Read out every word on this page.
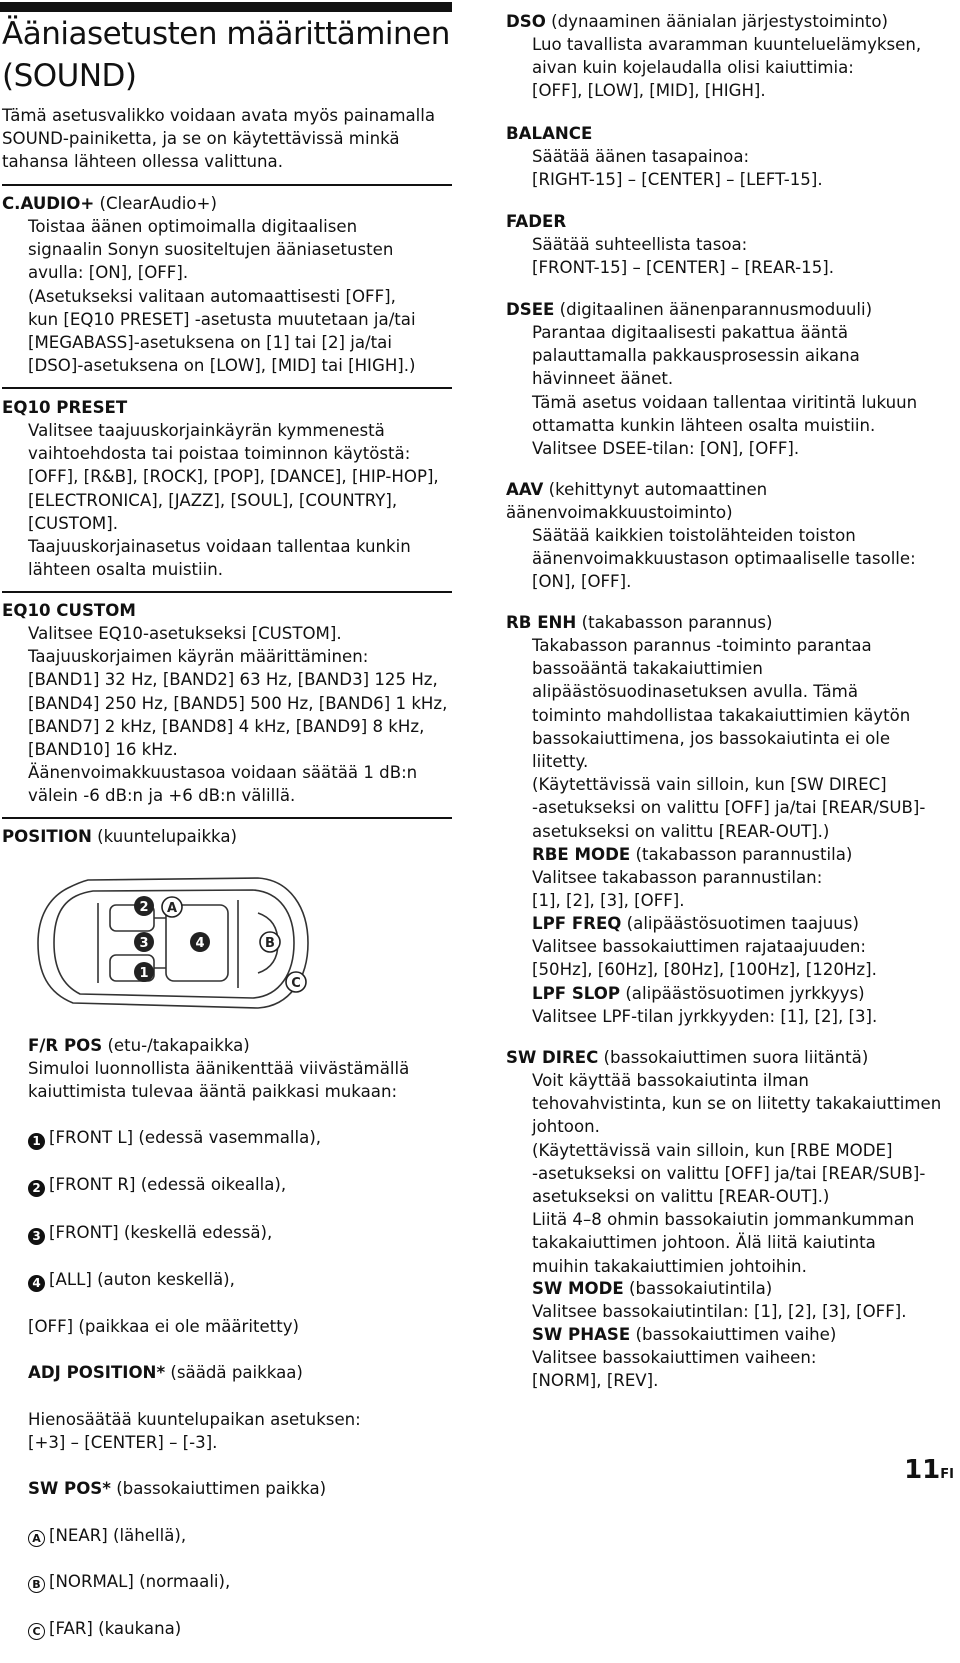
Ääniasetusten määrittäminen
(SOUND)

Tämä asetusvalikko voidaan avata myös painamalla SOUND-painiketta, ja se on käytettävissä minkä tahansa lähteen ollessa valittuna.

C.AUDIO+ (ClearAudio+)

Toistaa äänen optimoimalla digitaalisen
signaalin Sonyn suositeltujen ääniasetusten
avulla: [ON], [OFF].
(Asetukseksi valitaan automaattisesti [OFF],
kun [EQ10 PRESET] -asetusta muutetaan ja/tai
[MEGABASS]-asetuksena on [1] tai [2] ja/tai
[DSO]-asetuksena on [LOW], [MID] tai [HIGH].)

EQ10 PRESET

Valitsee taajuuskorjainkäyrän kymmenestä
vaihtoehdosta tai poistaa toiminnon käytöstä:
[OFF], [R&B], [ROCK], [POP], [DANCE], [HIP-HOP],
[ELECTRONICA], [JAZZ], [SOUL], [COUNTRY],
[CUSTOM].
Taajuuskorjainasetus voidaan tallentaa kunkin
lähteen osalta muistiin.

EQ10 CUSTOM

Valitsee EQ10-asetukseksi [CUSTOM].
Taajuuskorjaimen käyrän määrittäminen:
[BAND1] 32 Hz, [BAND2] 63 Hz, [BAND3] 125 Hz,
[BAND4] 250 Hz, [BAND5] 500 Hz, [BAND6] 1 kHz,
[BAND7] 2 kHz, [BAND8] 4 kHz, [BAND9] 8 kHz,
[BAND10] 16 kHz.
Äänenvoimakkuustasoa voidaan säätää 1 dB:n
välein -6 dB:n ja +6 dB:n välillä.

POSITION (kuuntelupaikka)

2 A
3	4	B
1
C

F/R POS (etu-/takapaikka)

Simuloi luonnollista äänikenttää viivästämällä
kaiuttimista tulevaa ääntä paikkasi mukaan:

1 [FRONT L] (edessä vasemmalla),

2 [FRONT R] (edessä oikealla),

3 [FRONT] (keskellä edessä),

4 [ALL] (auton keskellä),

[OFF] (paikkaa ei ole määritetty)

ADJ POSITION* (säädä paikkaa)

Hienosäätää kuuntelupaikan asetuksen:
[+3] – [CENTER] – [-3].

SW POS* (bassokaiuttimen paikka)

A [NEAR] (lähellä),

B [NORMAL] (normaali),

C [FAR] (kaukana)

DSO (dynaaminen äänialan järjestystoiminto)

Luo tavallista avaramman kuunteluelämyksen,
aivan kuin kojelaudalla olisi kaiuttimia:
[OFF], [LOW], [MID], [HIGH].

BALANCE

Säätää äänen tasapainoa:
[RIGHT-15] – [CENTER] – [LEFT-15].

FADER

Säätää suhteellista tasoa:
[FRONT-15] – [CENTER] – [REAR-15].

DSEE (digitaalinen äänenparannusmoduuli)

Parantaa digitaalisesti pakattua ääntä
palauttamalla pakkausprosessin aikana
hävinneet äänet.
Tämä asetus voidaan tallentaa viritintä lukuun
ottamatta kunkin lähteen osalta muistiin.
Valitsee DSEE-tilan: [ON], [OFF].

AAV (kehittynyt automaattinen
äänenvoimakkuustoiminto)

Säätää kaikkien toistolähteiden toiston
äänenvoimakkuustason optimaaliselle tasolle:
[ON], [OFF].

RB ENH (takabasson parannus)

Takabasson parannus -toiminto parantaa
bassoääntä takakaiuttimien
alipäästösuodinasetuksen avulla. Tämä
toiminto mahdollistaa takakaiuttimien käytön
bassokaiuttimena, jos bassokaiutinta ei ole
liitetty.
(Käytettävissä vain silloin, kun [SW DIREC]
-asetukseksi on valittu [OFF] ja/tai [REAR/SUB]-
asetukseksi on valittu [REAR-OUT].)

RBE MODE (takabasson parannustila)

Valitsee takabasson parannustilan:
[1], [2], [3], [OFF].

LPF FREQ (alipäästösuotimen taajuus)

Valitsee bassokaiuttimen rajataajuuden:
[50Hz], [60Hz], [80Hz], [100Hz], [120Hz].

LPF SLOP (alipäästösuotimen jyrkkyys)

Valitsee LPF-tilan jyrkkyyden: [1], [2], [3].

SW DIREC (bassokaiuttimen suora liitäntä)

Voit käyttää bassokaiutinta ilman
tehovahvistinta, kun se on liitetty takakaiuttimen
johtoon.
(Käytettävissä vain silloin, kun [RBE MODE]
-asetukseksi on valittu [OFF] ja/tai [REAR/SUB]-
asetukseksi on valittu [REAR-OUT].)
Liitä 4–8 ohmin bassokaiutin jommankumman
takakaiuttimen johtoon. Älä liitä kaiutinta
muihin takakaiuttimien johtoihin.

SW MODE (bassokaiutintila)

Valitsee bassokaiutintilan: [1], [2], [3], [OFF].

SW PHASE (bassokaiuttimen vaihe)

Valitsee bassokaiuttimen vaiheen:
[NORM], [REV].

11FI
